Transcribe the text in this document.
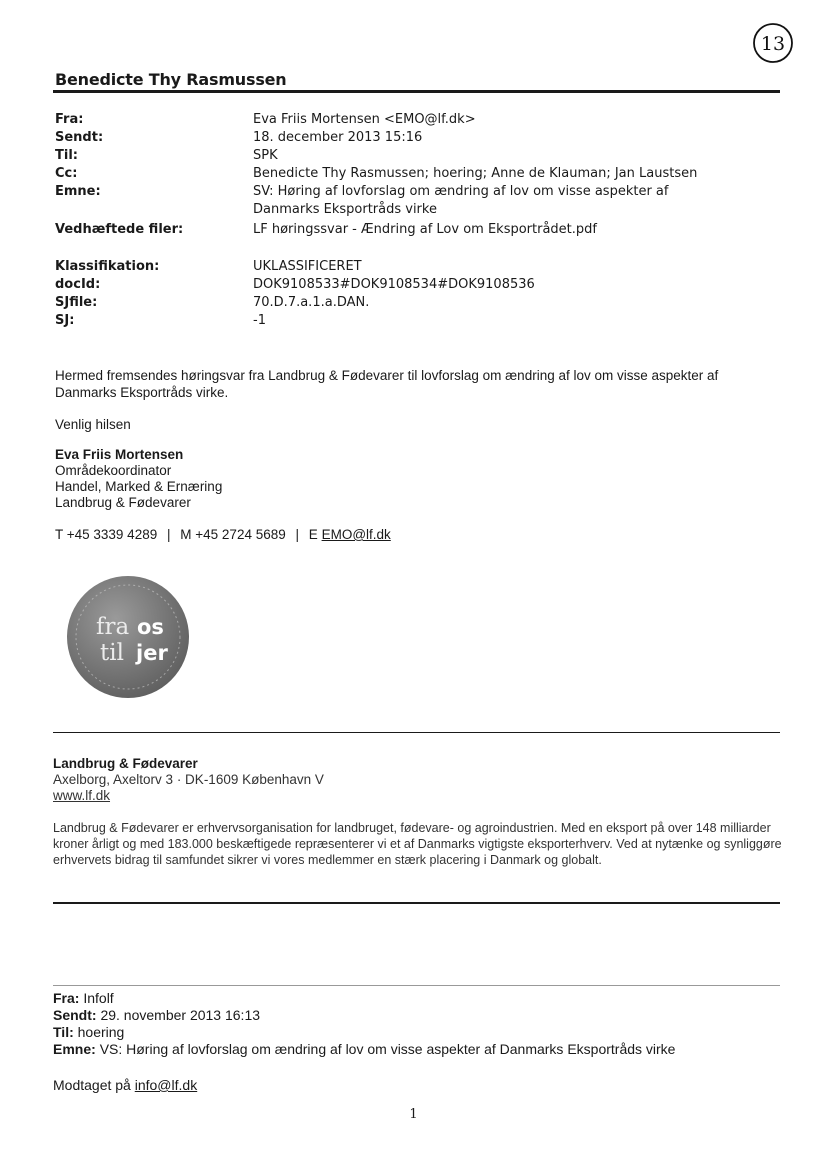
13
Benedicte Thy Rasmussen
Fra:	Eva Friis Mortensen <EMO@lf.dk>
Sendt:	18. december 2013 15:16
Til:	SPK
Cc:	Benedicte Thy Rasmussen; hoering; Anne de Klauman; Jan Laustsen
Emne:	SV: Høring af lovforslag om ændring af lov om visse aspekter af Danmarks Eksportråds virke
Vedhæftede filer:	LF høringssvar - Ændring af Lov om Eksportrådet.pdf
Klassifikation:	UKLASSIFICERET
docId:	DOK9108533#DOK9108534#DOK9108536
SJfile:	70.D.7.a.1.a.DAN.
SJ:	-1
Hermed fremsendes høringsvar fra Landbrug & Fødevarer til lovforslag om ændring af lov om visse aspekter af Danmarks Eksportråds virke.
Venlig hilsen
Eva Friis Mortensen
Områdekoordinator
Handel, Marked & Ernæring
Landbrug & Fødevarer
T +45 3339 4289 | M +45 2724 5689 | E EMO@lf.dk
fra os
til jer
Landbrug & Fødevarer
Axelborg, Axeltorv 3 · DK-1609 København V
www.lf.dk
Landbrug & Fødevarer er erhvervsorganisation for landbruget, fødevare- og agroindustrien. Med en eksport på over 148 milliarder kroner årligt og med 183.000 beskæftigede repræsenterer vi et af Danmarks vigtigste eksporterhverv. Ved at nytænke og synliggøre erhvervets bidrag til samfundet sikrer vi vores medlemmer en stærk placering i Danmark og globalt.
Fra: Infolf
Sendt: 29. november 2013 16:13
Til: hoering
Emne: VS: Høring af lovforslag om ændring af lov om visse aspekter af Danmarks Eksportråds virke
Modtaget på info@lf.dk
1
